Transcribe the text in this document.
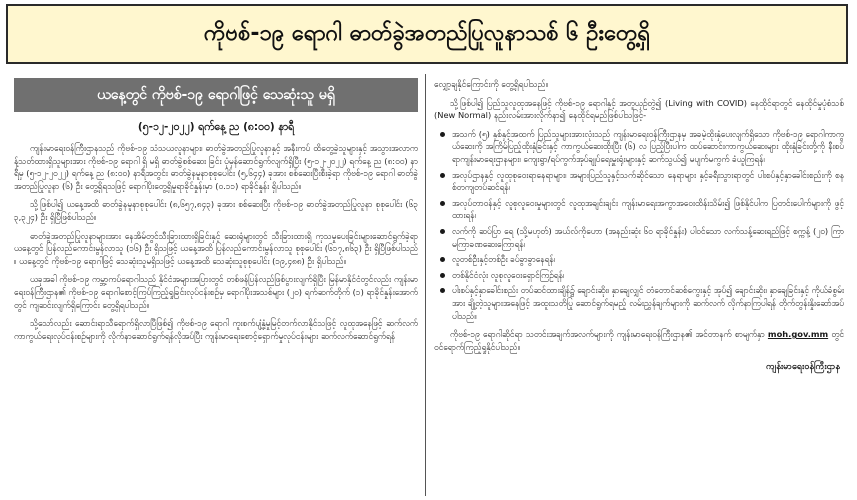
ကိုဗစ်-၁၉ ရောဂါ ဓာတ်ခွဲအတည်ပြုလူနာသစ် ၆ ဦးတွေ့ရှိ
ယနေ့တွင် ကိုဗစ်-၁၉ ရောဂါဖြင့် သေဆုံးသူ မရှိ
(၅-၁၂-၂၀၂၂) ရက်နေ့ ည (၈:၀၀) နာရီ

ကျန်းမာရေးဝန်ကြီးဌာနသည် ကိုဗစ်-၁၉ သံသယလူနာများ၊ ဓာတ်ခွဲအတည်ပြုလူနာနှင့် အနီးကပ် ထိတွေ့ခဲ့သူများနှင့် အသွားအလာကန့်သတ်ထားရှိသူများအား ကိုဗစ်-၁၉ ရောဂါ ရှိ မရှိ ဓာတ်ခွဲစစ်ဆေး ခြင်း ပုံမှန်ဆောင်ရွက်လျက်ရှိပြီး (၅-၁၂-၂၀၂၂) ရက်နေ့ ည (၈:၀၀) နာရီမှ (၅-၁၂-၂၀၂၂) ရက်နေ့ ည (၈:၀၀) နာရီအတွင်း ဓာတ်ခွဲနမူနာစုစုပေါင်း (၅,၆၄၄) ခုအား စစ်ဆေးပြီးစီးခဲ့ရာ ကိုဗစ်-၁၉ ရောဂါ ဓာတ်ခွဲအတည်ပြုလူနာ (၆) ဦး တွေ့ရှိရသဖြင့် ရောဂါပိုးတွေ့ရှိမှုရာခိုင်နှုန်းမှာ (၀.၁၁) ရာခိုင်နှုန်း ရှိပါသည်။

သို့ဖြစ်ပါ၍ ယနေ့အထိ ဓာတ်ခွဲနမူနာစုစုပေါင်း (၈,၆၅၇,၈၄၃) ခုအား စစ်ဆေးပြီး ကိုဗစ်-၁၉ ဓာတ်ခွဲအတည်ပြုလူနာ စုစုပေါင်း (၆၃၃,၃၂၄) ဦး ရှိပြီဖြစ်ပါသည်။

ဓာတ်ခွဲအတည်ပြုလူနာများအား နေအိမ်တွင်သီးခြားထားရှိခြင်းနှင့် ဆေးရုံများတွင် သီးခြားထားရှိ ကုသမှုပေးခြင်းများဆောင်ရွက်ခဲ့ရာ ယနေ့တွင် ပြန်လည်ကောင်းမွန်လာသူ (၁၆) ဦး ရှိသဖြင့် ယနေ့အထိ ပြန်လည်ကောင်းမွန်လာသူ စုစုပေါင်း (၆၁၇,၈၆၃) ဦး ရှိပြီဖြစ်ပါသည်။ ယနေ့တွင် ကိုဗစ်-၁၉ ရောဂါဖြင့် သေဆုံးသူမရှိသဖြင့် ယနေ့အထိ သေဆုံးသူစုစုပေါင်း (၁၉,၄၈၈) ဦး ရှိပါသည်။

ယခုအခါ ကိုဗစ်-၁၉ ကမ္ဘာ့ကပ်ရောဂါသည် နိုင်ငံအများအပြားတွင် တစ်ဖန်ပြန်လည်ဖြစ်ပွားလျက်ရှိပြီး မြန်မာနိုင်ငံတွင်လည်း ကျန်းမာရေးဝန်ကြီးဌာန၏ ကိုဗစ်-၁၉ ရောဂါစောင့်ကြပ်ကြည့်ရှုခြင်းလုပ်ငန်းစဉ်မှ ရောဂါပိုးအသစ်များ (၂၀) ရက်ဆက်တိုက် (၁) ရာခိုင်နှုန်းအောက်တွင် ကျဆင်းလျက်ရှိကြောင်း တွေ့ရှိရပါသည်။

သို့သော်လည်း ဆောင်းရာသီရောက်ရှိလာပြီဖြစ်၍ ကိုဗစ်-၁၉ ရောဂါ ကူးစက်ပျံ့နှံ့မှုမြင့်တက်လာနိုင်သဖြင့် လူထုအနေဖြင့် ဆက်လက်ကာကွယ်ရေးလုပ်ငန်းစဉ်များကို လိုက်နာဆောင်ရွက်ရန်လိုအပ်ပြီး ကျန်းမာရေးစောင့်ရှောက်မှုလုပ်ငန်းများ ဆက်လက်ဆောင်ရွက်ရန်

လျှော့ချနိုင်ကြောင်းကို တွေ့ရှိရပါသည်။

သို့ဖြစ်ပါ၍ ပြည်သူလူထုအနေဖြင့် ကိုဗစ်-၁၉ ရောဂါနှင့် အတူယှဉ်တွဲ၍ (Living with COVID) နေထိုင်ရာတွင် နေထိုင်မှုပုံစံသစ် (New Normal) နည်းလမ်းအားလိုက်နာ၍ နေထိုင်ရမည်ဖြစ်ပါသဖြင့်-

အသက် (၅) နှစ်နှင့်အထက် ပြည်သူများအားလုံးသည် ကျန်းမာရေးဝန်ကြီးဌာနမှ အခမဲ့ထိုးနှံပေးလျက်ရှိသော ကိုဗစ်-၁၉ ရောဂါကာကွယ်ဆေးကို အကြိမ်ပြည့်ထိုးနှံခြင်းနှင့် ကာကွယ်ဆေးထိုးပြီး (၆) လ ပြည့်ပြီးပါက ထပ်ဆောင်းကာကွယ်ဆေးများ ထိုးနှံခြင်းတို့ကို နီးစပ်ရာကျန်းမာရေးဌာနများ၊ ကျေးရွာ/ရပ်ကွက်အုပ်ချုပ်ရေးမှူးရုံးများနှင့် ဆက်သွယ်၍ မပျက်မကွက် ခံယူကြရန်၊
အလုပ်ဌာနနှင့် လူထုစုဝေးရာနေရာများ၊ အများပြည်သူနှင့်သက်ဆိုင်သော နေရာများ နှင့်ခရီးသွားရာတွင် ပါးစပ်နှင့်နှာခေါင်းစည်းကို စနစ်တကျတပ်ဆင်ရန်၊
အလုပ်တာဝန်နှင့် လူစုလူဝေးမှုများတွင် လူထုအချင်းချင်း ကျန်းမာရေးအကွာအဝေးထိန်းသိမ်း၍ ဖြစ်နိုင်ပါက ပြတင်းပေါက်များကို ဖွင့်ထားရန်၊
လက်ကို ဆပ်ပြာ ရေ (သို့မဟုတ်) အယ်လ်ကိုဟော (အနည်းဆုံး ၆၀ ရာခိုင်နှုန်း) ပါဝင်သော လက်သန့်ဆေးရည်ဖြင့် စက္ကန့် (၂၀) ကြာ မကြာခဏဆေးကြောရန်၊
လူတစ်ဦးနှင့်တစ်ဦး ခပ်ခွာခွာနေရန်၊
တစ်နိုင်ငံလုံး လူစုလူဝေးရှောင်ကြဉ်ရန်၊
ပါးစပ်နှင့်နှာခေါင်းစည်း တပ်ဆင်ထားချိန်၌ ချောင်းဆိုး၊ နှာချေလျှင် တံတောင်ဆစ်ကွေးနှင့် အုပ်၍ ချောင်းဆိုး၊ နှာချေခြင်းနှင့် ကိုယ်ခံစွမ်းအား ချို့တဲ့သူများအနေဖြင့် အထူးသတိပြု ဆောင်ရွက်ရမည့် လမ်းညွှန်ချက်များကို ဆက်လက် လိုက်နာကြပါရန် တိုက်တွန်းနှိုးဆော်အပ်ပါသည်။

ကိုဗစ်-၁၉ ရောဂါဆိုင်ရာ သတင်းအချက်အလက်များကို ကျန်းမာရေးဝန်ကြီးဌာန၏ အင်တာနက် စာမျက်နှာ moh.gov.mm တွင် ဝင်ရောက်ကြည့်ရှုနိုင်ပါသည်။

ကျန်းမာရေးဝန်ကြီးဌာန
